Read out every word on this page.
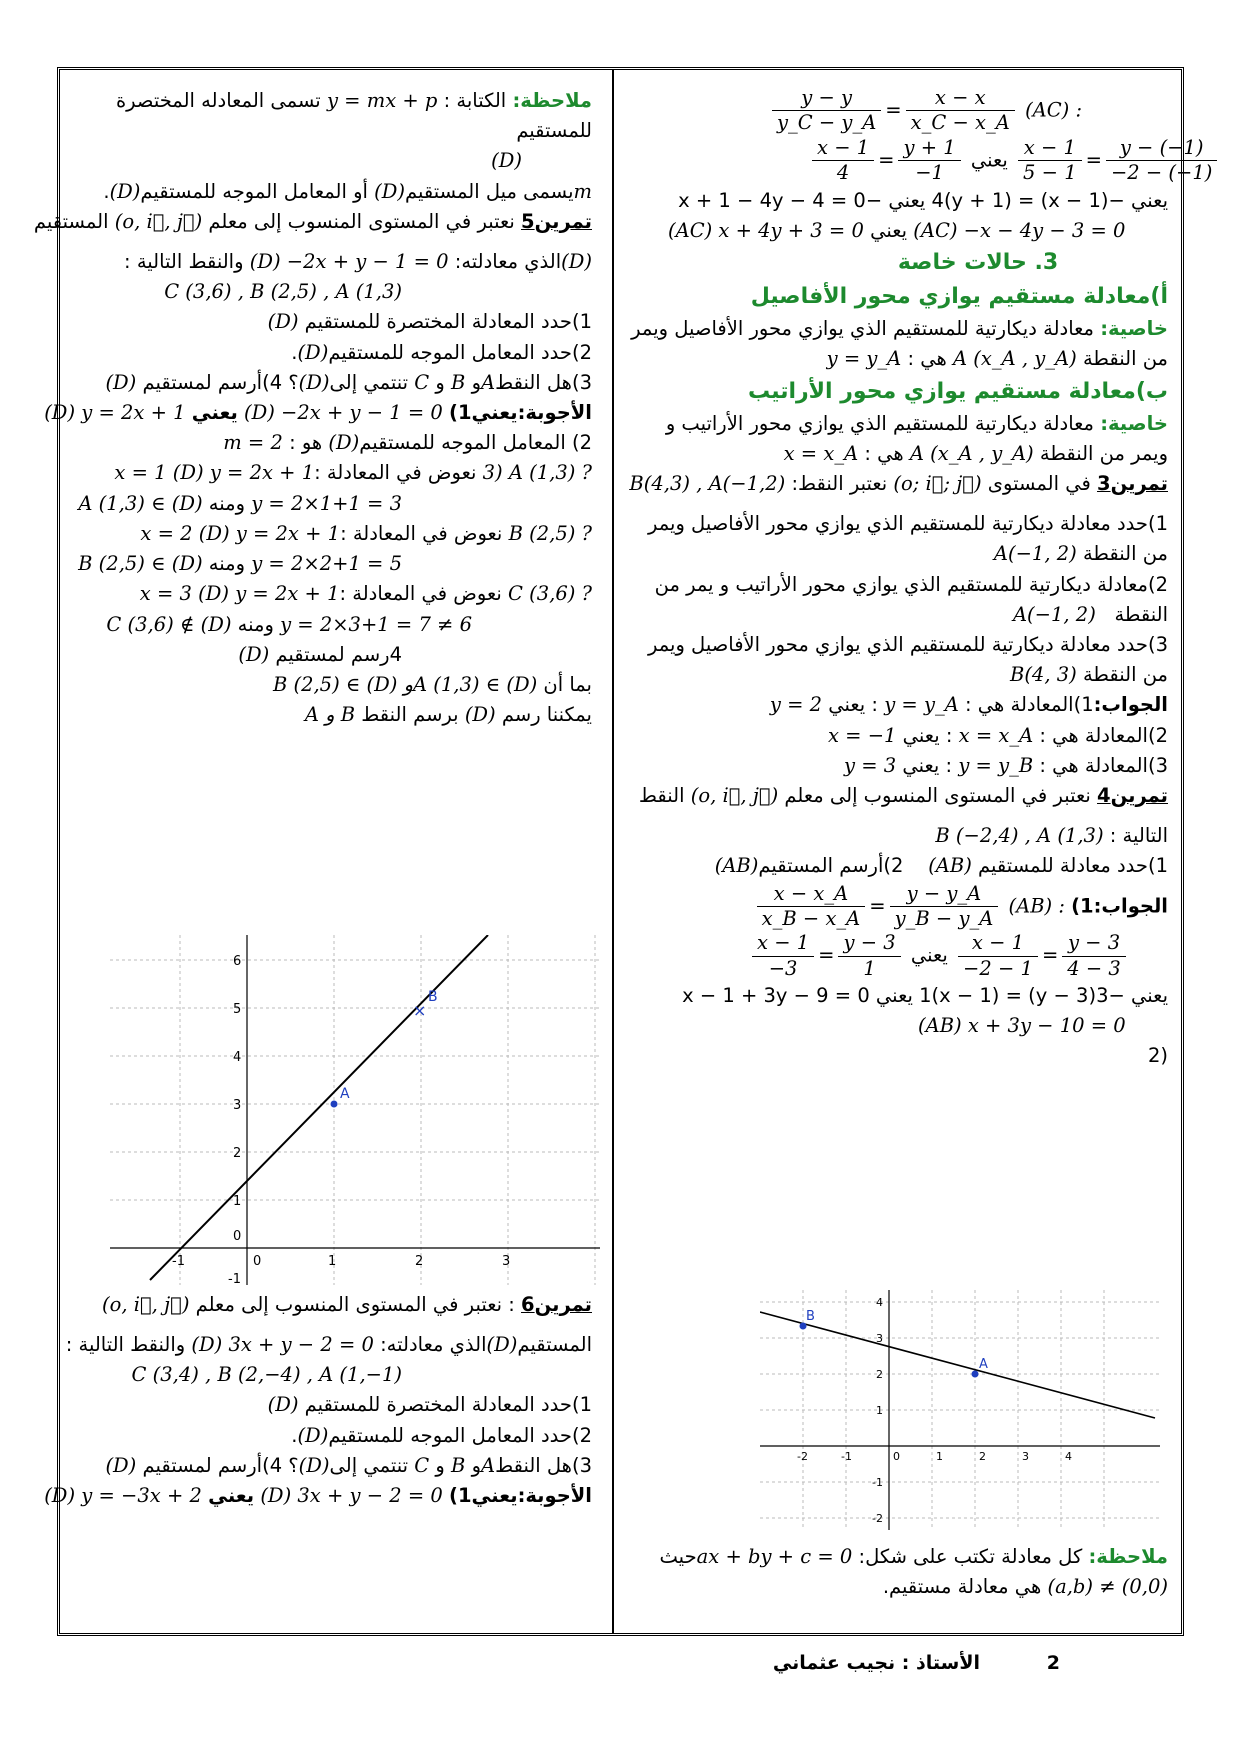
(AC) :
$\frac{x - x}{x\_C - x\_A}$
=
$\frac{y - y}{y\_C - y\_A}$
$\frac{x - 1}{4} = \frac{y + 1}{-1}$ يعني $\frac{x - 1}{5 - 1} = \frac{y - (-1)}{-2 - (-1)}$
يعني −(x − 1) = 4(y + 1) يعني −x + 1 − 4y − 4 = 0
(AC) x + 4y + 3 = 0 يعني (AC) −x − 4y − 3 = 0
3. حالات خاصة
أ)معادلة مستقيم يوازي محور الأفاصيل
خاصية: معادلة ديكارتية للمستقيم الذي يوازي محور الأفاصيل ويمر
من النقطة A (x_A , y_A) هي : y = y_A
ب)معادلة مستقيم يوازي محور الأراتيب
خاصية: معادلة ديكارتية للمستقيم الذي يوازي محور الأراتيب و
ويمر من النقطة A (x_A , y_A) هي : x = x_A
تمرين3 في المستوى (o; i⃗; j⃗) نعتبر النقط: B(4,3) , A(−1,2)
1)حدد معادلة ديكارتية للمستقيم الذي يوازي محور الأفاصيل ويمر
من النقطة A(−1, 2)
2)معادلة ديكارتية للمستقيم الذي يوازي محور الأراتيب و يمر من
النقطة   A(−1, 2)
3)حدد معادلة ديكارتية للمستقيم الذي يوازي محور الأفاصيل ويمر
من النقطة B(4, 3)
الجواب:1)المعادلة هي : y = y_A : يعني y = 2
2)المعادلة هي : x = x_A : يعني x = −1
3)المعادلة هي : y = y_B : يعني y = 3
تمرين4 نعتبر في المستوى المنسوب إلى معلم (o, i⃗, j⃗) النقط
التالية : B (−2,4) , A (1,3)
1)حدد معادلة للمستقيم (AB)    2)أرسم المستقيم(AB)
الجواب:1) (AB) :
$\frac{x - x\_A}{x\_B - x\_A} = \frac{y - y\_A}{y\_B - y\_A}$
$\frac{x - 1}{-3} = \frac{y - 3}{1}$ يعني $\frac{x - 1}{-2 - 1} = \frac{y - 3}{4 - 3}$
يعني −3(y − 3) = 1(x − 1) يعني x − 1 + 3y − 9 = 0
(AB) x + 3y − 10 = 0
(2
B
A
-2	-1	0	1	2	3	4
-2
-1
1
2
3
4
ملاحظة: كل معادلة تكتب على شكل: ax + by + c = 0حيث
(a,b) ≠ (0,0) هي معادلة مستقيم.
ملاحظة: الكتابة : y = mx + p تسمى المعادله المختصرة
للمستقيم
(D)
mيسمى ميل المستقيم(D) أو المعامل الموجه للمستقيم(D).
تمرين5 نعتبر في المستوى المنسوب إلى معلم (o, i⃗, j⃗) المستقيم
(D)الذي معادلته: (D) −2x + y − 1 = 0 والنقط التالية :
C (3,6) , B (2,5) , A (1,3)
1)حدد المعادلة المختصرة للمستقيم (D)
2)حدد المعامل الموجه للمستقيم(D).
3)هل النقطAو B و C تنتمي إلى(D)؟ 4)أرسم لمستقيم (D)
الأجوبة:يعني1) (D) −2x + y − 1 = 0 يعني (D) y = 2x + 1
2) المعامل الموجه للمستقيم(D) هو : m = 2
3) A (1,3) ? نعوض في المعادلة :(D) y = 2x + 1 x = 1
y = 2×1+1 = 3 ومنه A (1,3) ∈ (D)
B (2,5) ? نعوض في المعادلة :(D) y = 2x + 1 x = 2
y = 2×2+1 = 5 ومنه B (2,5) ∈ (D)
C (3,6) ? نعوض في المعادلة :(D) y = 2x + 1 x = 3
y = 2×3+1 = 7 ≠ 6 ومنه C (3,6) ∉ (D)
4رسم لمستقيم (D)
بما أن B (2,5) ∈ (D) وA (1,3) ∈ (D)
يمكننا رسم (D) برسم النقط A و B
A
×
B
-1	0	1	2	3
-1
0
1
2
3
4
5
6
تمرين6 : نعتبر في المستوى المنسوب إلى معلم (o, i⃗, j⃗)
المستقيم(D)الذي معادلته: (D) 3x + y − 2 = 0 والنقط التالية :
C (3,4) , B (2,−4) , A (1,−1)
1)حدد المعادلة المختصرة للمستقيم (D)
2)حدد المعامل الموجه للمستقيم(D).
3)هل النقطAو B و C تنتمي إلى(D)؟ 4)أرسم لمستقيم (D)
الأجوبة:يعني1) (D) 3x + y − 2 = 0 يعني (D) y = −3x + 2
الأستاذ : نجيب عثماني	2
